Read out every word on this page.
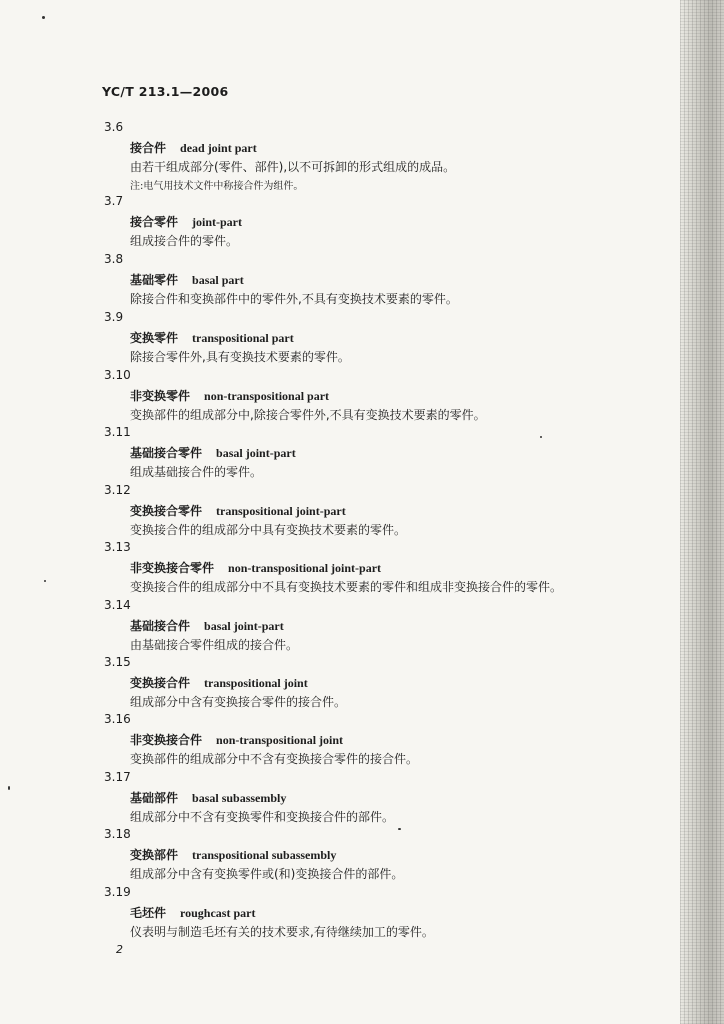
YC/T 213.1—2006
3.6
接合件 dead joint part
由若干组成部分(零件、部件),以不可拆卸的形式组成的成品。
注:电气用技术文件中称接合件为组件。
3.7
接合零件 joint-part
组成接合件的零件。
3.8
基础零件 basal part
除接合件和变换部件中的零件外,不具有变换技术要素的零件。
3.9
变换零件 transpositional part
除接合零件外,具有变换技术要素的零件。
3.10
非变换零件 non-transpositional part
变换部件的组成部分中,除接合零件外,不具有变换技术要素的零件。
3.11
基础接合零件 basal joint-part
组成基础接合件的零件。
3.12
变换接合零件 transpositional joint-part
变换接合件的组成部分中具有变换技术要素的零件。
3.13
非变换接合零件 non-transpositional joint-part
变换接合件的组成部分中不具有变换技术要素的零件和组成非变换接合件的零件。
3.14
基础接合件 basal joint-part
由基础接合零件组成的接合件。
3.15
变换接合件 transpositional joint
组成部分中含有变换接合零件的接合件。
3.16
非变换接合件 non-transpositional joint
变换部件的组成部分中不含有变换接合零件的接合件。
3.17
基础部件 basal subassembly
组成部分中不含有变换零件和变换接合件的部件。
3.18
变换部件 transpositional subassembly
组成部分中含有变换零件或(和)变换接合件的部件。
3.19
毛坯件 roughcast part
仪表明与制造毛坯有关的技术要求,有待继续加工的零件。
2
